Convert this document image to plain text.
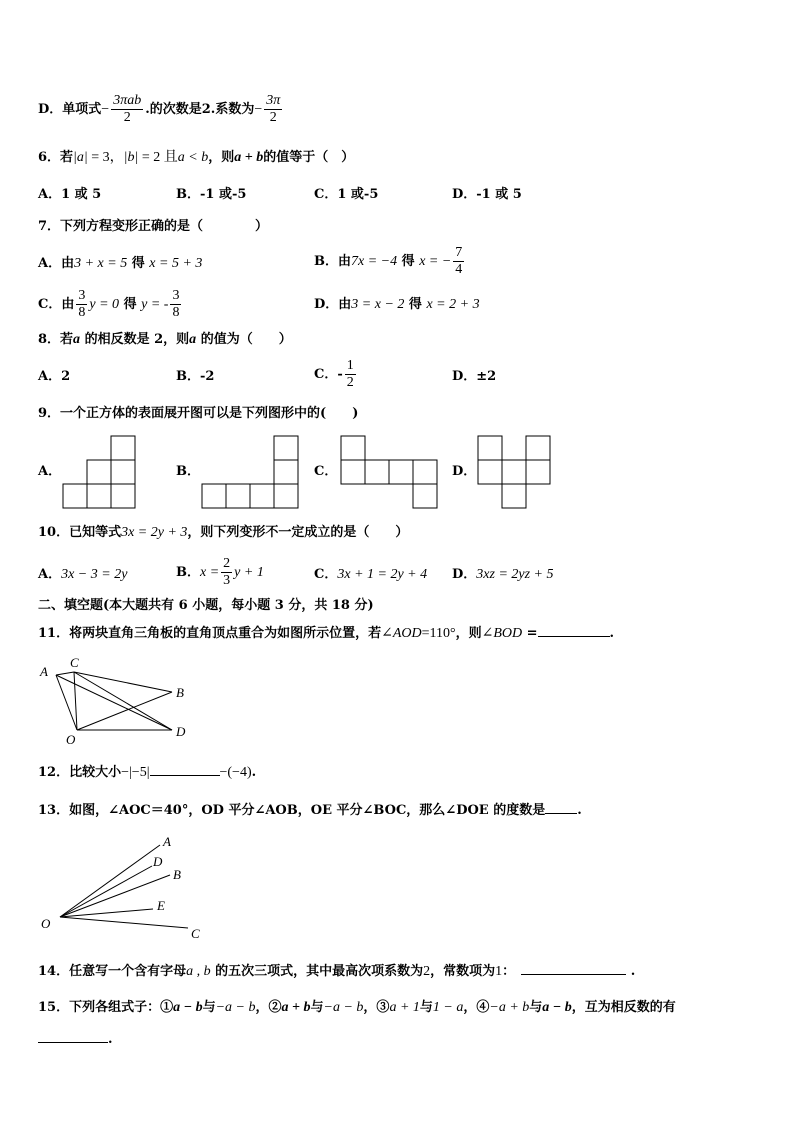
D．单项式− $\frac{\text{3πab}}{2}$ .的次数是2.系数为− $\frac{3\pi}{2}$
6．若|a| = 3，|b| = 2 且a < b，则a + b的值等于（　）
A．1 或 5	B．-1 或-5	C．1 或-5	D．-1 或 5
7．下列方程变形正确的是（　　　　）
A．由3 + x = 5 得 x = 5 + 3	B．由7x = −4 得 x = − $\frac{7}{4}$
C．由 $\frac{3}{8}$ y = 0 得 y = - $\frac{3}{8}$	D．由3 = x − 2 得 x = 2 + 3
8．若a 的相反数是 2，则a 的值为（　　）
A．2	B．-2	C．- $\frac{1}{2}$	D．±2
9．一个正方体的表面展开图可以是下列图形中的(　　)
A．	B．	C．	D．
10．已知等式3x = 2y + 3，则下列变形不一定成立的是（　　）
A．3x − 3 = 2y	B．$x = \frac{2}{3}$ y + 1	C．3x + 1 = 2y + 4 D．3xz = 2yz + 5
二、填空题(本大题共有 6 小题，每小题 3 分，共 18 分)
11．将两块直角三角板的直角顶点重合为如图所示位置，若∠AOD=110°，则∠BOD =	.
A
C
B
O
D
12．比较大小−|−5|	−(−4).
13．如图，∠AOC＝40°，OD 平分∠AOB，OE 平分∠BOC，那么∠DOE 的度数是 .
A
D
B
E
C
O
14．任意写一个含有字母a , b 的五次三项式，其中最高次项系数为2，常数项为1：	.
15．下列各组式子：①a − b与−a − b，②a + b与−a − b，③a + 1与1 − a，④−a + b与a − b，互为相反数的有
.
